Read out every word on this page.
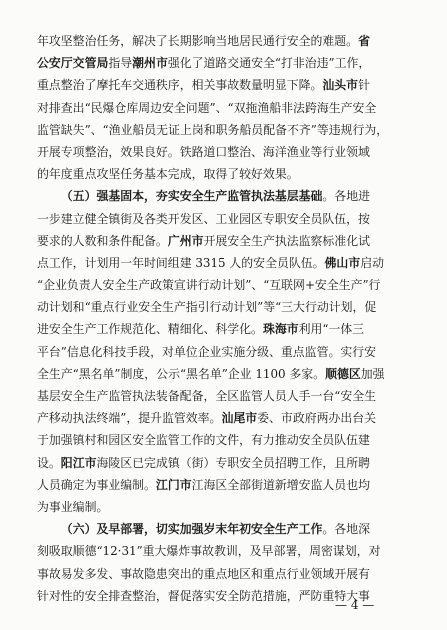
年攻坚整治任务，解决了长期影响当地居民通行安全的难题。省
公安厅交管局指导潮州市强化了道路交通安全“打非治违”工作，
重点整治了摩托车交通秩序，相关事故数量明显下降。汕头市针
对排查出“民爆仓库周边安全问题”、“双拖渔船非法跨海生产安全
监管缺失”、“渔业船员无证上岗和职务船员配备不齐”等违规行为，
开展专项整治，效果良好。铁路道口整治、海洋渔业等行业领域
的年度重点攻坚任务基本完成，取得了较好效果。
（五）强基固本，夯实安全生产监管执法基层基础。各地进
一步建立健全镇街及各类开发区、工业园区专职安全员队伍，按
要求的人数和条件配备。广州市开展安全生产执法监察标准化试
点工作，计划用一年时间组建 3315 人的安全员队伍。佛山市启动
“企业负责人安全生产政策宣讲行动计划”、“互联网+安全生产”行
动计划和“重点行业安全生产指引行动计划”等“三大行动计划，促
进安全生产工作规范化、精细化、科学化。珠海市利用“一体三
平台”信息化科技手段，对单位企业实施分级、重点监管。实行安
全生产“黑名单”制度，公示“黑名单”企业 1100 多家。顺德区加强
基层安全生产监管执法装备配备，全区监管人员人手一台“安全生
产移动执法终端”，提升监管效率。汕尾市委、市政府两办出台关
于加强镇村和园区安全监管工作的文件，有力推动安全员队伍建
设。阳江市海陵区已完成镇（街）专职安全员招聘工作，且所聘
人员确定为事业编制。江门市江海区全部街道新增安监人员也均
为事业编制。
（六）及早部署，切实加强岁末年初安全生产工作。各地深
刻吸取顺德“12·31”重大爆炸事故教训，及早部署，周密谋划，对
事故易发多发、事故隐患突出的重点地区和重点行业领域开展有
针对性的安全排查整治，督促落实安全防范措施，严防重特大事
— 4 —
